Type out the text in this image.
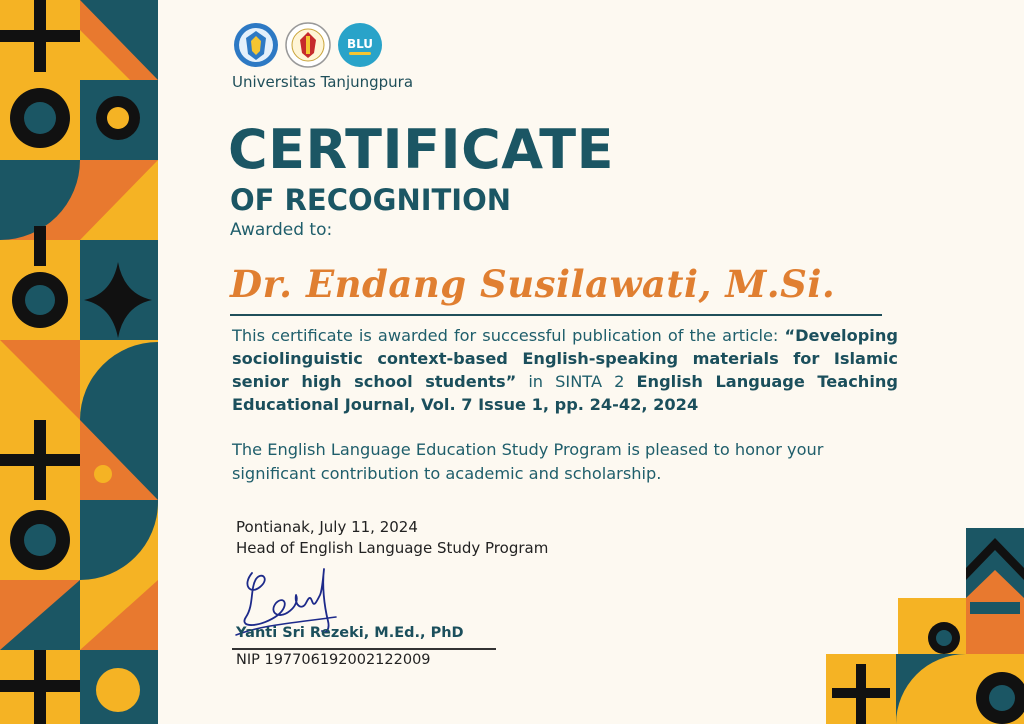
BLU
Universitas Tanjungpura
CERTIFICATE
OF RECOGNITION
Awarded to:
Dr. Endang Susilawati, M.Si.
This certificate is awarded for successful publication of the article: “Developing sociolinguistic context-based English-speaking materials for Islamic senior high school students” in SINTA 2 English Language Teaching Educational Journal, Vol. 7 Issue 1, pp. 24-42, 2024
The English Language Education Study Program is pleased to honor your significant contribution to academic and scholarship.
Pontianak, July 11, 2024
Head of English Language Study Program
Yanti Sri Rezeki, M.Ed., PhD
NIP 197706192002122009
